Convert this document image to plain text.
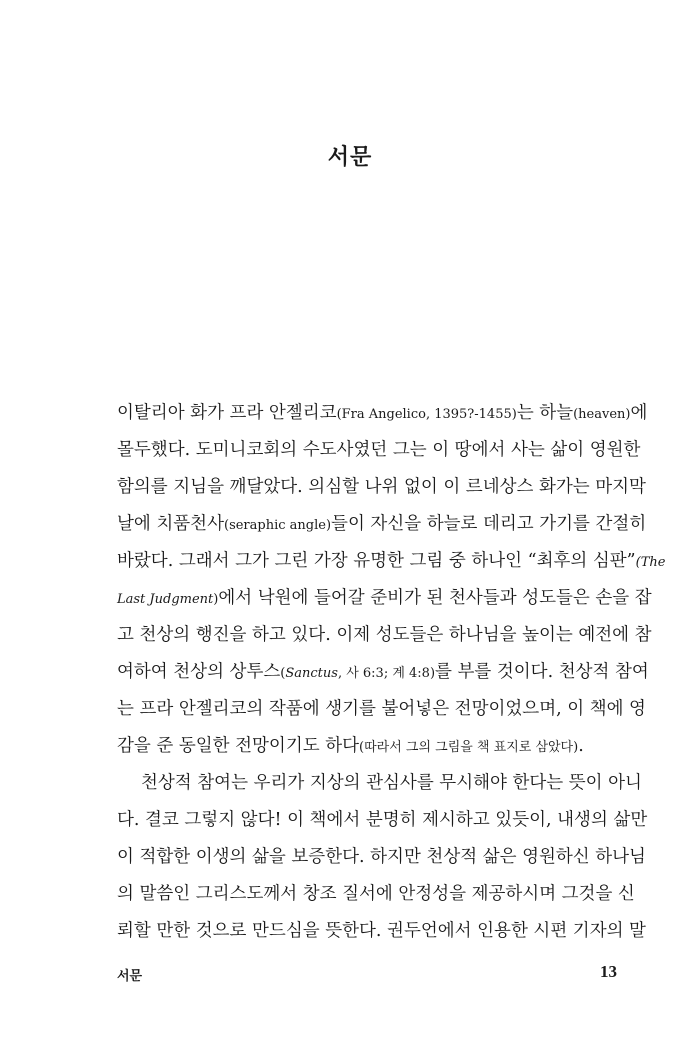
서문
이탈리아 화가 프라 안젤리코(Fra Angelico, 1395?-1455)는 하늘(heaven)에
몰두했다. 도미니코회의 수도사였던 그는 이 땅에서 사는 삶이 영원한
함의를 지님을 깨달았다. 의심할 나위 없이 이 르네상스 화가는 마지막
날에 치품천사(seraphic angle)들이 자신을 하늘로 데리고 가기를 간절히
바랐다. 그래서 그가 그린 가장 유명한 그림 중 하나인 “최후의 심판”(The
Last Judgment)에서 낙원에 들어갈 준비가 된 천사들과 성도들은 손을 잡
고 천상의 행진을 하고 있다. 이제 성도들은 하나님을 높이는 예전에 참
여하여 천상의 상투스(Sanctus, 사 6:3; 계 4:8)를 부를 것이다. 천상적 참여
는 프라 안젤리코의 작품에 생기를 불어넣은 전망이었으며, 이 책에 영
감을 준 동일한 전망이기도 하다(따라서 그의 그림을 책 표지로 삼았다).
천상적 참여는 우리가 지상의 관심사를 무시해야 한다는 뜻이 아니
다. 결코 그렇지 않다! 이 책에서 분명히 제시하고 있듯이, 내생의 삶만
이 적합한 이생의 삶을 보증한다. 하지만 천상적 삶은 영원하신 하나님
의 말씀인 그리스도께서 창조 질서에 안정성을 제공하시며 그것을 신
뢰할 만한 것으로 만드심을 뜻한다. 권두언에서 인용한 시편 기자의 말
서문	13
